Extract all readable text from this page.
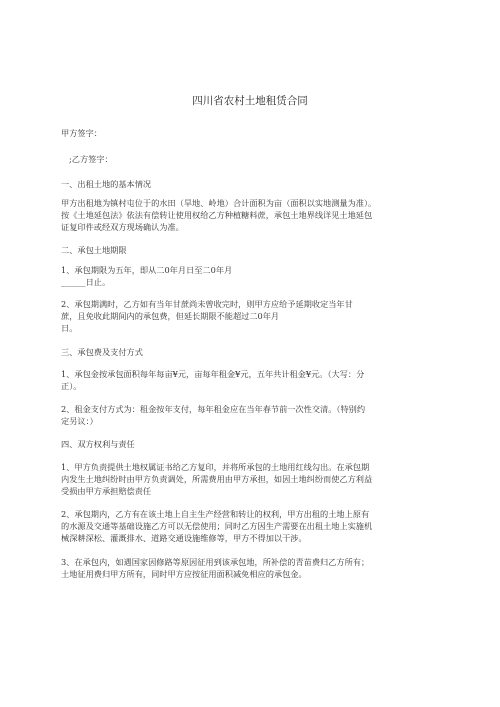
四川省农村土地租赁合同
甲方签字：
;乙方签字：
一、出租土地的基本情况
甲方出租地为镇村屯位于的水田（旱地、岭地）合计面积为亩（面积以实地测量为准）。
按《土地延包法》依法有偿转让使用权给乙方种植糖料蔗，承包土地界线详见土地延包
证复印件或经双方现场确认为准。
二、承包土地期限
1、承包期限为五年，即从二0年月日至二0年月
______日止。
2、承包期满时，乙方如有当年甘蔗尚未曾收完时，则甲方应给予延期收定当年甘
蔗，且免收此期间内的承包费，但延长期限不能超过二0年月
日。
三、承包费及支付方式
1、承包金按承包面积每年每亩¥元，亩每年租金¥元，五年共计租金¥元。（大写：分
正）。
2、租金支付方式为：租金按年支付，每年租金应在当年春节前一次性交清。（特别约
定另议：）
四、双方权利与责任
1、甲方负责提供土地权属证书给乙方复印，并将所承包的土地用红线勾出。在承包期
内发生土地纠纷时由甲方负责调处，所需费用由甲方承担，如因土地纠纷而使乙方利益
受损由甲方承担赔偿责任
2、承包期内，乙方有在该土地上自主生产经营和转让的权利，甲方出租的土地上原有
的水源及交通等基础设施乙方可以无偿使用；同时乙方因生产需要在出租土地上实施机
械深耕深松、灌溉排水、道路交通设施维修等，甲方不得加以干涉。
3、在承包内，如遇国家因修路等原因征用到该承包地，所补偿的青苗费归乙方所有；
土地征用费归甲方所有，同时甲方应按征用面积减免相应的承包金。
